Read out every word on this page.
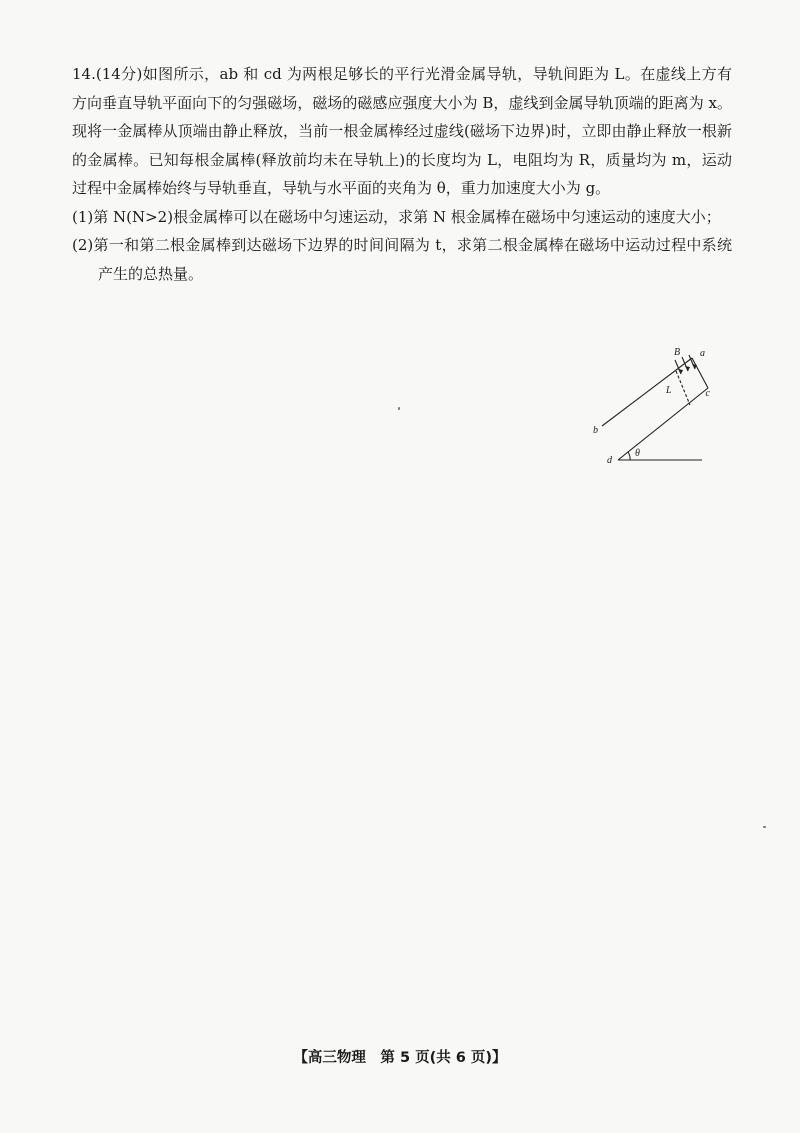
14.(14分)如图所示，ab 和 cd 为两根足够长的平行光滑金属导轨，导轨间距为 L。在虚线上方有方向垂直导轨平面向下的匀强磁场，磁场的磁感应强度大小为 B，虚线到金属导轨顶端的距离为 x。现将一金属棒从顶端由静止释放，当前一根金属棒经过虚线(磁场下边界)时，立即由静止释放一根新的金属棒。已知每根金属棒(释放前均未在导轨上)的长度均为 L，电阻均为 R，质量均为 m，运动过程中金属棒始终与导轨垂直，导轨与水平面的夹角为 θ，重力加速度大小为 g。

(1)第 N(N>2)根金属棒可以在磁场中匀速运动，求第 N 根金属棒在磁场中匀速运动的速度大小；

(2)第一和第二根金属棒到达磁场下边界的时间间隔为 t，求第二根金属棒在磁场中运动过程中系统产生的总热量。

B a
c
L
b
d
θ
【高三物理　第 5 页(共 6 页)】
